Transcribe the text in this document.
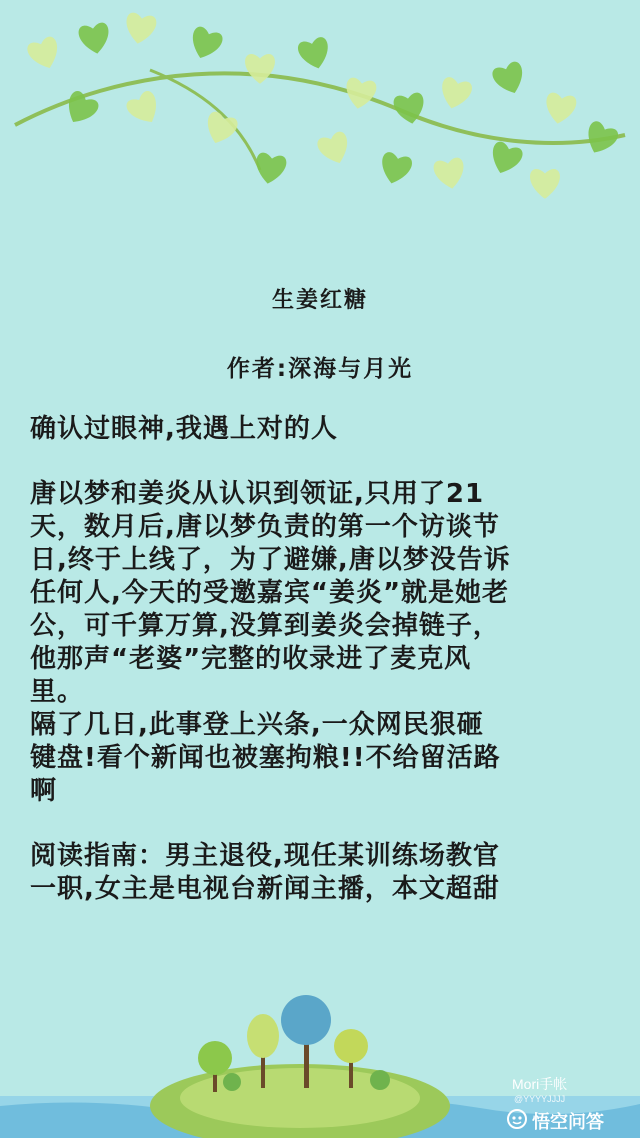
生姜红糖
作者:深海与月光
确认过眼神,我遇上对的人
唐以梦和姜炎从认识到领证,只用了21
天，数月后,唐以梦负责的第一个访谈节
日,终于上线了，为了避嫌,唐以梦没告诉
任何人,今天的受邀嘉宾“姜炎”就是她老
公，可千算万算,没算到姜炎会掉链子，
他那声“老婆”完整的收录进了麦克风
里。
隔了几日,此事登上兴条,一众网民狠砸
键盘!看个新闻也被塞拘粮!!不给留活路
啊
阅读指南：男主退役,现任某训练场教官
一职,女主是电视台新闻主播，本文超甜
Mori手帐
@YYYYJJJJ
悟空问答
